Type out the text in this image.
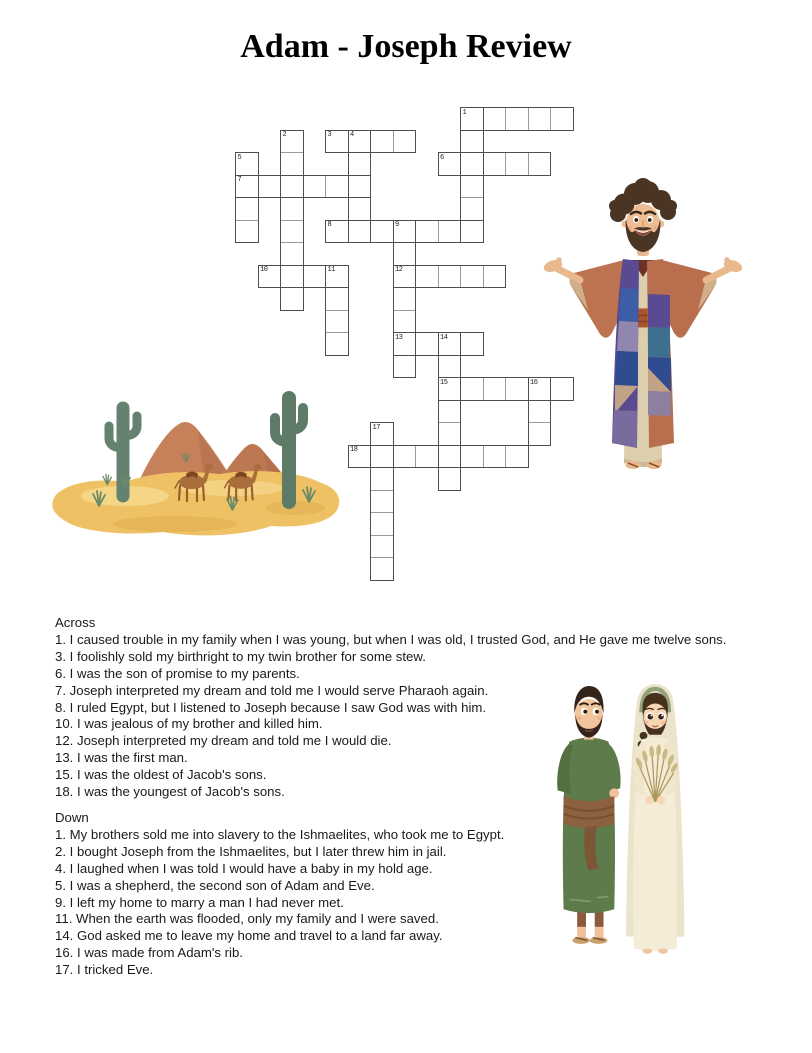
Adam - Joseph Review
1
2	3	4
5
7
6
8	9
12
13
10	11
14
15	16
17
18
Across
1. I caused trouble in my family when I was young, but when I was old, I trusted God, and He gave me twelve sons.
3. I foolishly sold my birthright to my twin brother for some stew.
6. I was the son of promise to my parents.
7. Joseph interpreted my dream and told me I would serve Pharaoh again.
8. I ruled Egypt, but I listened to Joseph because I saw God was with him.
10. I was jealous of my brother and killed him.
12. Joseph interpreted my dream and told me I would die.
13. I was the first man.
15. I was the oldest of Jacob's sons.
18. I was the youngest of Jacob's sons.
Down
1. My brothers sold me into slavery to the Ishmaelites, who took me to Egypt.
2. I bought Joseph from the Ishmaelites, but I later threw him in jail.
4. I laughed when I was told I would have a baby in my hold age.
5. I was a shepherd, the second son of Adam and Eve.
9. I left my home to marry a man I had never met.
11. When the earth was flooded, only my family and I were saved.
14. God asked me to leave my home and travel to a land far away.
16. I was made from Adam's rib.
17. I tricked Eve.
